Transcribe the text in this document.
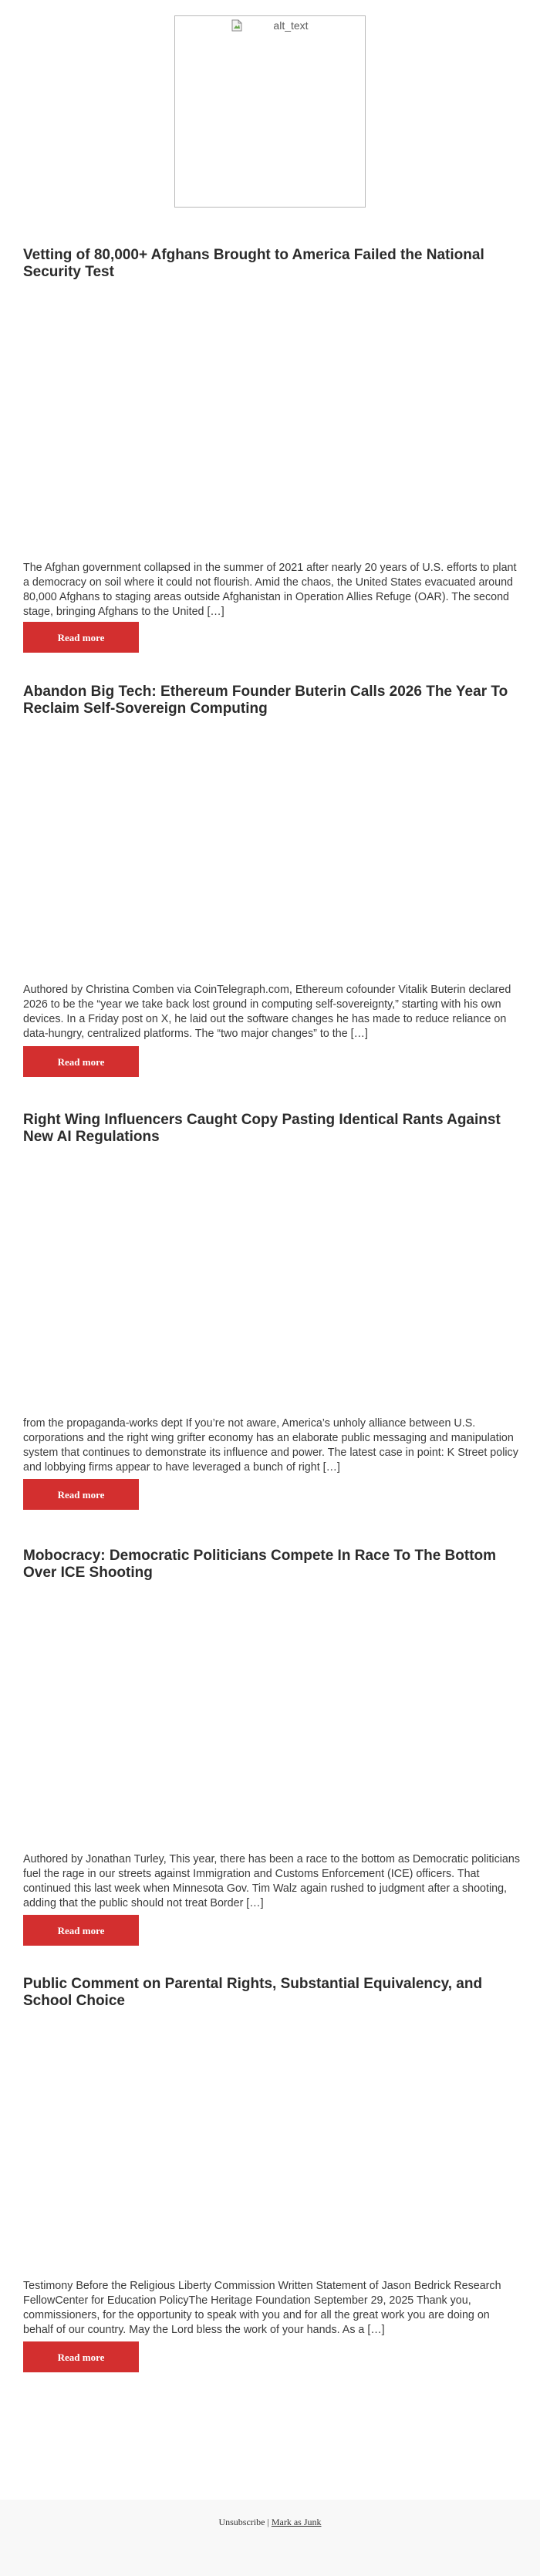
alt_text
Vetting of 80,000+ Afghans Brought to America Failed the National Security Test

The Afghan government collapsed in the summer of 2021 after nearly 20 years of U.S. efforts to plant a democracy on soil where it could not flourish. Amid the chaos, the United States evacuated around 80,000 Afghans to staging areas outside Afghanistan in Operation Allies Refuge (OAR). The second stage, bringing Afghans to the United […]

Read more
Abandon Big Tech: Ethereum Founder Buterin Calls 2026 The Year To Reclaim Self-Sovereign Computing

Authored by Christina Comben via CoinTelegraph.com, Ethereum cofounder Vitalik Buterin declared 2026 to be the “year we take back lost ground in computing self-sovereignty,” starting with his own devices. In a Friday post on X, he laid out the software changes he has made to reduce reliance on data-hungry, centralized platforms. The “two major changes” to the […]

Read more
Right Wing Influencers Caught Copy Pasting Identical Rants Against New AI Regulations

from the propaganda-works dept If you’re not aware, America’s unholy alliance between U.S. corporations and the right wing grifter economy has an elaborate public messaging and manipulation system that continues to demonstrate its influence and power. The latest case in point: K Street policy and lobbying firms appear to have leveraged a bunch of right […]

Read more
Mobocracy: Democratic Politicians Compete In Race To The Bottom Over ICE Shooting

Authored by Jonathan Turley, This year, there has been a race to the bottom as Democratic politicians fuel the rage in our streets against Immigration and Customs Enforcement (ICE) officers. That continued this last week when Minnesota Gov. Tim Walz again rushed to judgment after a shooting, adding that the public should not treat Border […]

Read more
Public Comment on Parental Rights, Substantial Equivalency, and School Choice

Testimony Before the Religious Liberty Commission Written Statement of Jason Bedrick Research FellowCenter for Education PolicyThe Heritage Foundation September 29, 2025 Thank you, commissioners, for the opportunity to speak with you and for all the great work you are doing on behalf of our country. May the Lord bless the work of your hands. As a […]

Read more
Unsubscribe | Mark as Junk
